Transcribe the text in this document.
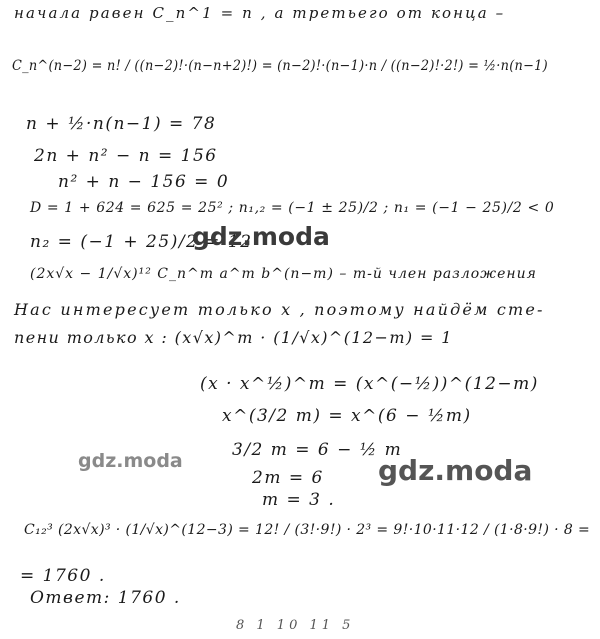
начала равен C_n^1 = n , а третьего от конца –
C_n^(n−2) = n! / ((n−2)!·(n−n+2)!) = (n−2)!·(n−1)·n / ((n−2)!·2!) = ½·n(n−1)
n + ½·n(n−1) = 78
2n + n² − n = 156
n² + n − 156 = 0
D = 1 + 624 = 625 = 25² ; n₁,₂ = (−1 ± 25)/2 ; n₁ = (−1 − 25)/2 < 0
n₂ = (−1 + 25)/2 = 12
(2x√x − 1/√x)¹² C_n^m a^m b^(n−m) – m-й член разложения
Нас интересует только x , поэтому найдём сте-
пени только x : (x√x)^m · (1/√x)^(12−m) = 1
(x · x^½)^m = (x^(−½))^(12−m)
x^(3/2 m) = x^(6 − ½m)
3/2 m = 6 − ½ m
2m = 6
m = 3 .
C₁₂³ (2x√x)³ · (1/√x)^(12−3) = 12! / (3!·9!) · 2³ = 9!·10·11·12 / (1·8·9!) · 8 =
= 1760 .
Ответ: 1760 .
8 1 10 11 5
gdz.moda
gdz.moda	gdz.moda
